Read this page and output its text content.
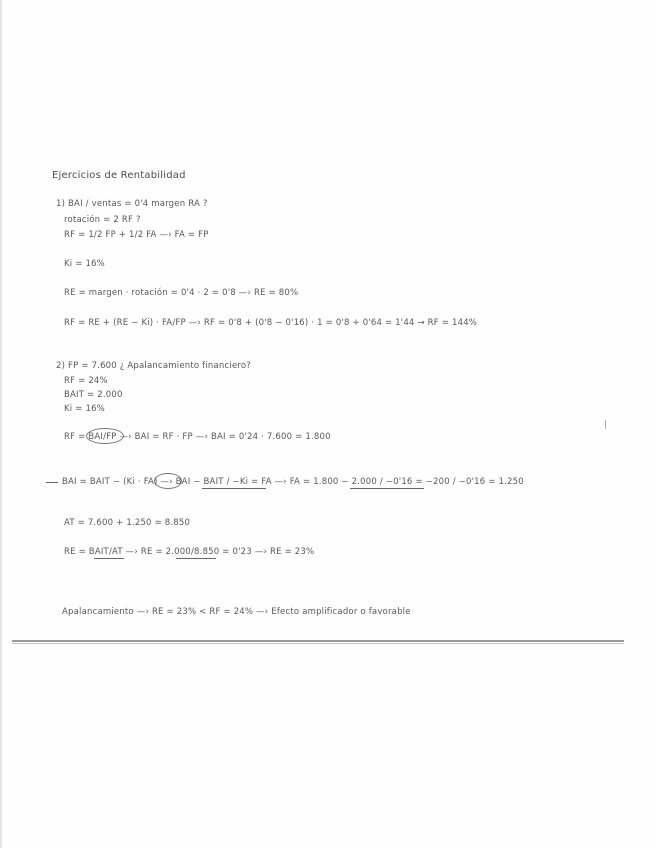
Ejercicios de Rentabilidad
1) BAI / ventas = 0'4 margen RA ?
rotación = 2 RF ?
RF = 1/2 FP + 1/2 FA —› FA = FP
Ki = 16%
RE = margen · rotación = 0'4 · 2 = 0'8 —› RE = 80%
RF = RE + (RE − Ki) · FA/FP —› RF = 0'8 + (0'8 − 0'16) · 1 = 0'8 + 0'64 = 1'44 → RF = 144%
2) FP = 7.600 ¿ Apalancamiento financiero?
RF = 24%
BAIT = 2.000
Ki = 16%
RF = BAI/FP —› BAI = RF · FP —› BAI = 0'24 · 7.600 = 1.800
BAI = BAIT − (Ki · FA) —› BAI − BAIT / −Ki = FA —› FA = 1.800 − 2.000 / −0'16 = −200 / −0'16 = 1.250
AT = 7.600 + 1.250 = 8.850
RE = BAIT/AT —› RE = 2.000/8.850 = 0'23 —› RE = 23%
Apalancamiento —› RE = 23% < RF = 24% —› Efecto amplificador o favorable
|
